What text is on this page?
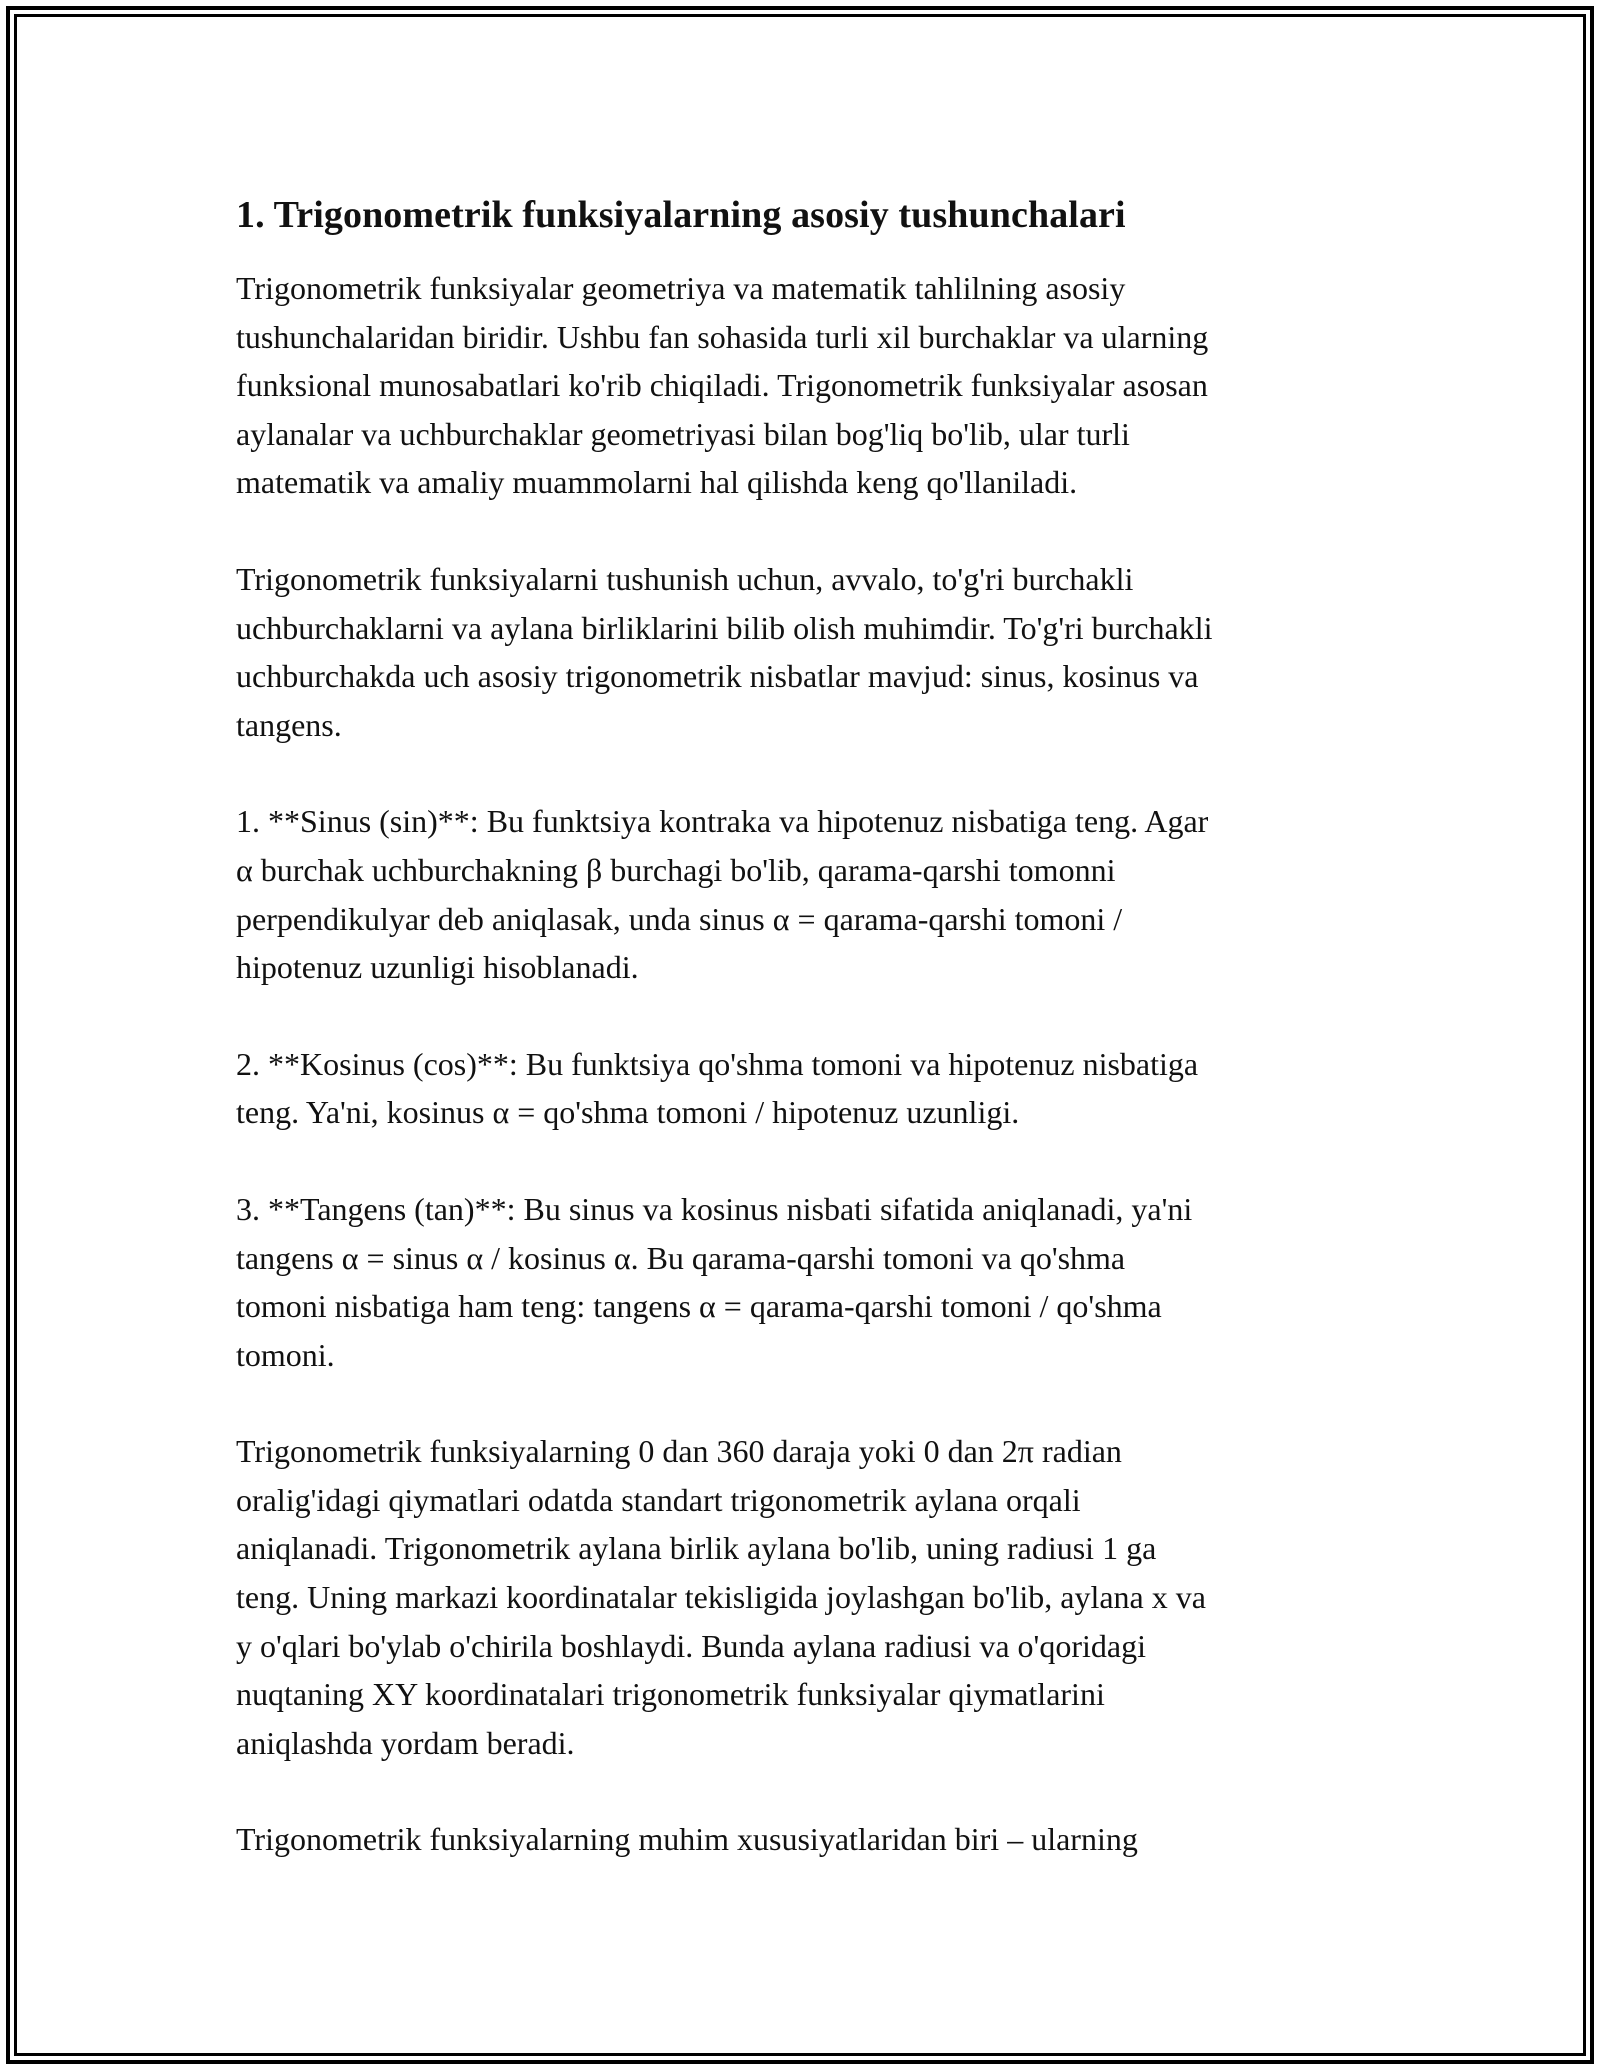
1. Trigonometrik funksiyalarning asosiy tushunchalari
Trigonometrik funksiyalar geometriya va matematik tahlilning asosiy
tushunchalaridan biridir. Ushbu fan sohasida turli xil burchaklar va ularning
funksional munosabatlari ko'rib chiqiladi. Trigonometrik funksiyalar asosan
aylanalar va uchburchaklar geometriyasi bilan bog'liq bo'lib, ular turli
matematik va amaliy muammolarni hal qilishda keng qo'llaniladi.
Trigonometrik funksiyalarni tushunish uchun, avvalo, to'g'ri burchakli
uchburchaklarni va aylana birliklarini bilib olish muhimdir. To'g'ri burchakli
uchburchakda uch asosiy trigonometrik nisbatlar mavjud: sinus, kosinus va
tangens.
1. **Sinus (sin)**: Bu funktsiya kontraka va hipotenuz nisbatiga teng. Agar
α burchak uchburchakning β burchagi bo'lib, qarama-qarshi tomonni
perpendikulyar deb aniqlasak, unda sinus α = qarama-qarshi tomoni /
hipotenuz uzunligi hisoblanadi.
2. **Kosinus (cos)**: Bu funktsiya qo'shma tomoni va hipotenuz nisbatiga
teng. Ya'ni, kosinus α = qo'shma tomoni / hipotenuz uzunligi.
3. **Tangens (tan)**: Bu sinus va kosinus nisbati sifatida aniqlanadi, ya'ni
tangens α = sinus α / kosinus α. Bu qarama-qarshi tomoni va qo'shma
tomoni nisbatiga ham teng: tangens α = qarama-qarshi tomoni / qo'shma
tomoni.
Trigonometrik funksiyalarning 0 dan 360 daraja yoki 0 dan 2π radian
oralig'idagi qiymatlari odatda standart trigonometrik aylana orqali
aniqlanadi. Trigonometrik aylana birlik aylana bo'lib, uning radiusi 1 ga
teng. Uning markazi koordinatalar tekisligida joylashgan bo'lib, aylana x va
y o'qlari bo'ylab o'chirila boshlaydi. Bunda aylana radiusi va o'qoridagi
nuqtaning XY koordinatalari trigonometrik funksiyalar qiymatlarini
aniqlashda yordam beradi.
Trigonometrik funksiyalarning muhim xususiyatlaridan biri – ularning
